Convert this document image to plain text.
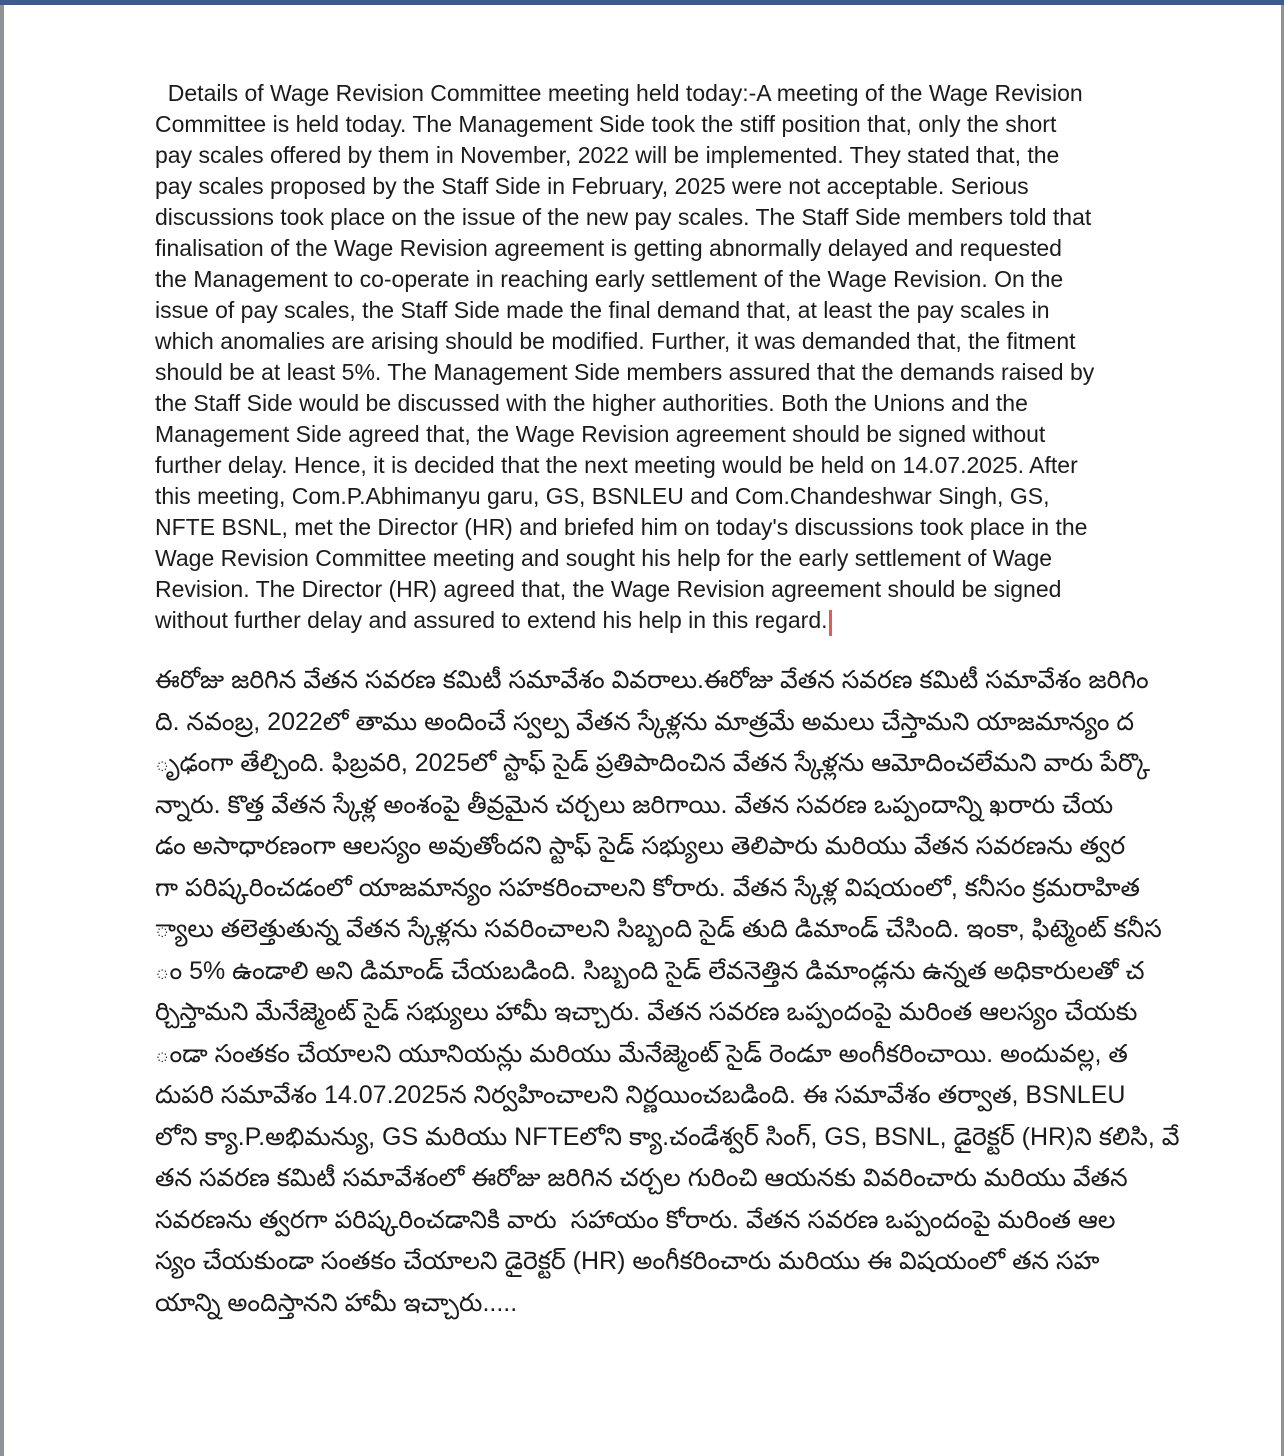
Details of Wage Revision Committee meeting held today:-A meeting of the Wage Revision
Committee is held today. The Management Side took the stiff position that, only the short
pay scales offered by them in November, 2022 will be implemented. They stated that, the
pay scales proposed by the Staff Side in February, 2025 were not acceptable. Serious
discussions took place on the issue of the new pay scales. The Staff Side members told that
finalisation of the Wage Revision agreement is getting abnormally delayed and requested
the Management to co-operate in reaching early settlement of the Wage Revision. On the
issue of pay scales, the Staff Side made the final demand that, at least the pay scales in
which anomalies are arising should be modified. Further, it was demanded that, the fitment
should be at least 5%. The Management Side members assured that the demands raised by
the Staff Side would be discussed with the higher authorities. Both the Unions and the
Management Side agreed that, the Wage Revision agreement should be signed without
further delay. Hence, it is decided that the next meeting would be held on 14.07.2025. After
this meeting, Com.P.Abhimanyu garu, GS, BSNLEU and Com.Chandeshwar Singh, GS,
NFTE BSNL, met the Director (HR) and briefed him on today's discussions took place in the
Wage Revision Committee meeting and sought his help for the early settlement of Wage
Revision. The Director (HR) agreed that, the Wage Revision agreement should be signed
without further delay and assured to extend his help in this regard.
ఈరోజు జరిగిన వేతన సవరణ కమిటీ సమావేశం వివరాలు.ఈరోజు వేతన సవరణ కమిటీ సమావేశం జరిగిం
ది. నవంబ్ర, 2022లో తాము అందించే స్వల్ప వేతన స్కేళ్లను మాత్రమే అమలు చేస్తామని యాజమాన్యం ద
ృఢంగా తేల్చింది. ఫిబ్రవరి, 2025లో స్టాఫ్ సైడ్ ప్రతిపాదించిన వేతన స్కేళ్లను ఆమోదించలేమని వారు పేర్కొ
న్నారు. కొత్త వేతన స్కేళ్ల అంశంపై తీవ్రమైన చర్చలు జరిగాయి. వేతన సవరణ ఒప్పందాన్ని ఖరారు చేయ
డం అసాధారణంగా ఆలస్యం అవుతోందని స్టాఫ్ సైడ్ సభ్యులు తెలిపారు మరియు వేతన సవరణను త్వర
గా పరిష్కరించడంలో యాజమాన్యం సహకరించాలని కోరారు. వేతన స్కేళ్ల విషయంలో, కనీసం క్రమరాహిత
్యాలు తలెత్తుతున్న వేతన స్కేళ్లను సవరించాలని సిబ్బంది సైడ్ తుది డిమాండ్ చేసింది. ఇంకా, ఫిట్మెంట్ కనీస
ం 5% ఉండాలి అని డిమాండ్ చేయబడింది. సిబ్బంది సైడ్ లేవనెత్తిన డిమాండ్లను ఉన్నత అధికారులతో చ
ర్చిస్తామని మేనేజ్మెంట్ సైడ్ సభ్యులు హామీ ఇచ్చారు. వేతన సవరణ ఒప్పందంపై మరింత ఆలస్యం చేయకు
ండా సంతకం చేయాలని యూనియన్లు మరియు మేనేజ్మెంట్ సైడ్ రెండూ అంగీకరించాయి. అందువల్ల, త
దుపరి సమావేశం 14.07.2025న నిర్వహించాలని నిర్ణయించబడింది. ఈ సమావేశం తర్వాత, BSNLEU
లోని క్యా.P.అభిమన్యు, GS మరియు NFTEలోని క్యా.చండేశ్వర్ సింగ్, GS, BSNL, డైరెక్టర్ (HR)ని కలిసి, వే
తన సవరణ కమిటీ సమావేశంలో ఈరోజు జరిగిన చర్చల గురించి ఆయనకు వివరించారు మరియు వేతన
సవరణను త్వరగా పరిష్కరించడానికి వారు  సహాయం కోరారు. వేతన సవరణ ఒప్పందంపై మరింత ఆల
స్యం చేయకుండా సంతకం చేయాలని డైరెక్టర్ (HR) అంగీకరించారు మరియు ఈ విషయంలో తన సహ
యాన్ని అందిస్తానని హామీ ఇచ్చారు.....
